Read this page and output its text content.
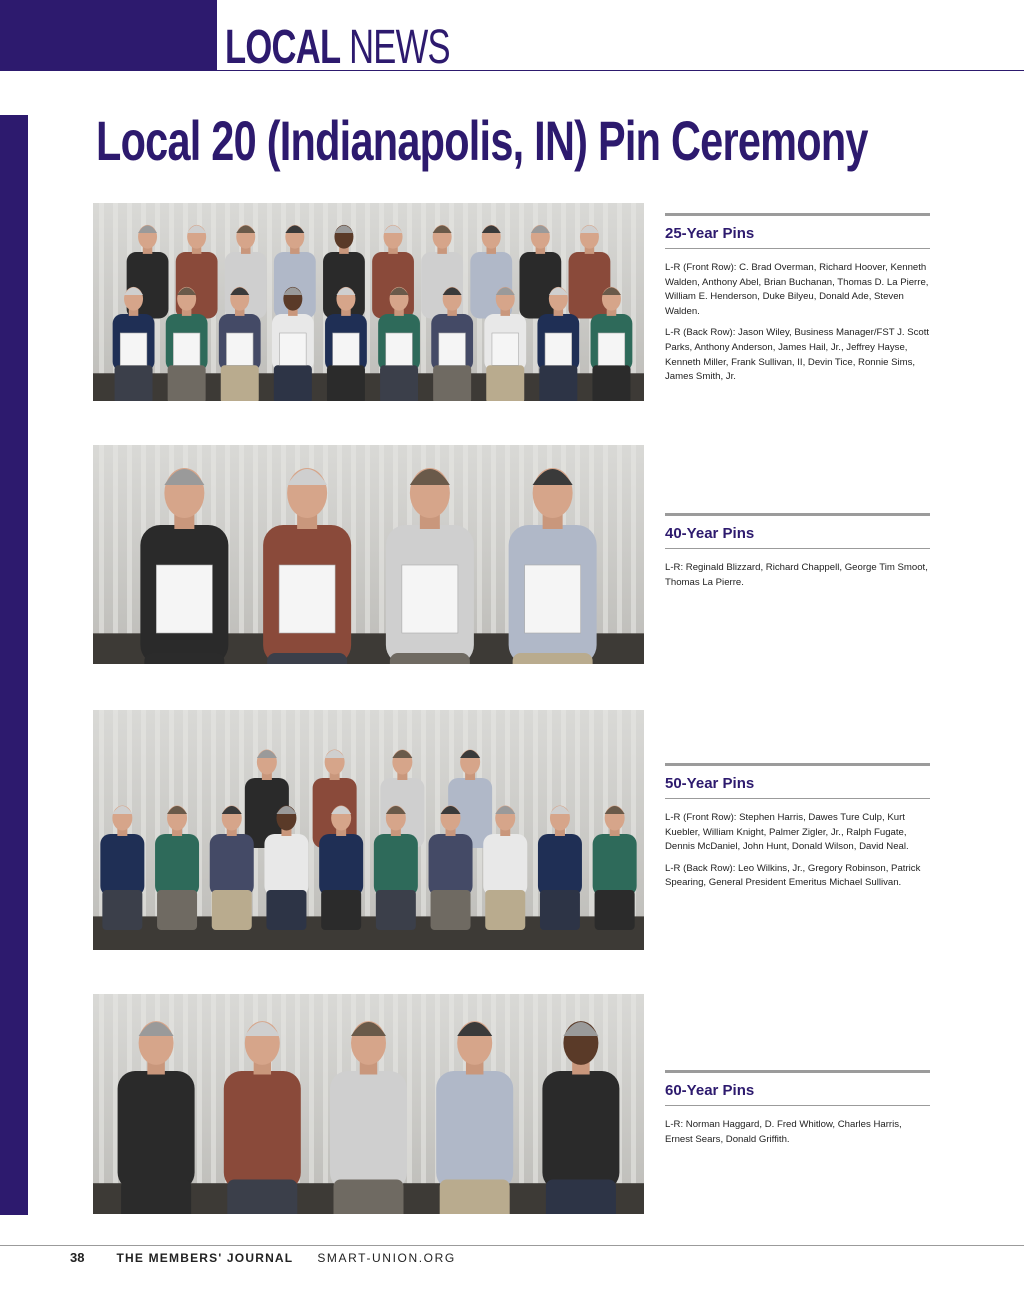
LOCAL NEWS
Local 20 (Indianapolis, IN) Pin Ceremony
25-Year Pins

L-R (Front Row): C. Brad Overman, Richard Hoover, Kenneth Walden, Anthony Abel, Brian Buchanan, Thomas D. La Pierre, William E. Henderson, Duke Bilyeu, Donald Ade, Steven Walden.

L-R (Back Row): Jason Wiley, Business Manager/FST J. Scott Parks, Anthony Anderson, James Hail, Jr., Jeffrey Hayse, Kenneth Miller, Frank Sullivan, II, Devin Tice, Ronnie Sims, James Smith, Jr.

40-Year Pins

L-R: Reginald Blizzard, Richard Chappell, George Tim Smoot, Thomas La Pierre.

50-Year Pins

L-R (Front Row): Stephen Harris, Dawes Ture Culp, Kurt Kuebler, William Knight, Palmer Zigler, Jr., Ralph Fugate, Dennis McDaniel, John Hunt, Donald Wilson, David Neal.

L-R (Back Row): Leo Wilkins, Jr., Gregory Robinson, Patrick Spearing, General President Emeritus Michael Sullivan.

60-Year Pins

L-R: Norman Haggard, D. Fred Whitlow, Charles Harris, Ernest Sears, Donald Griffith.

38	THE MEMBERS' JOURNAL SMART-UNION.ORG
